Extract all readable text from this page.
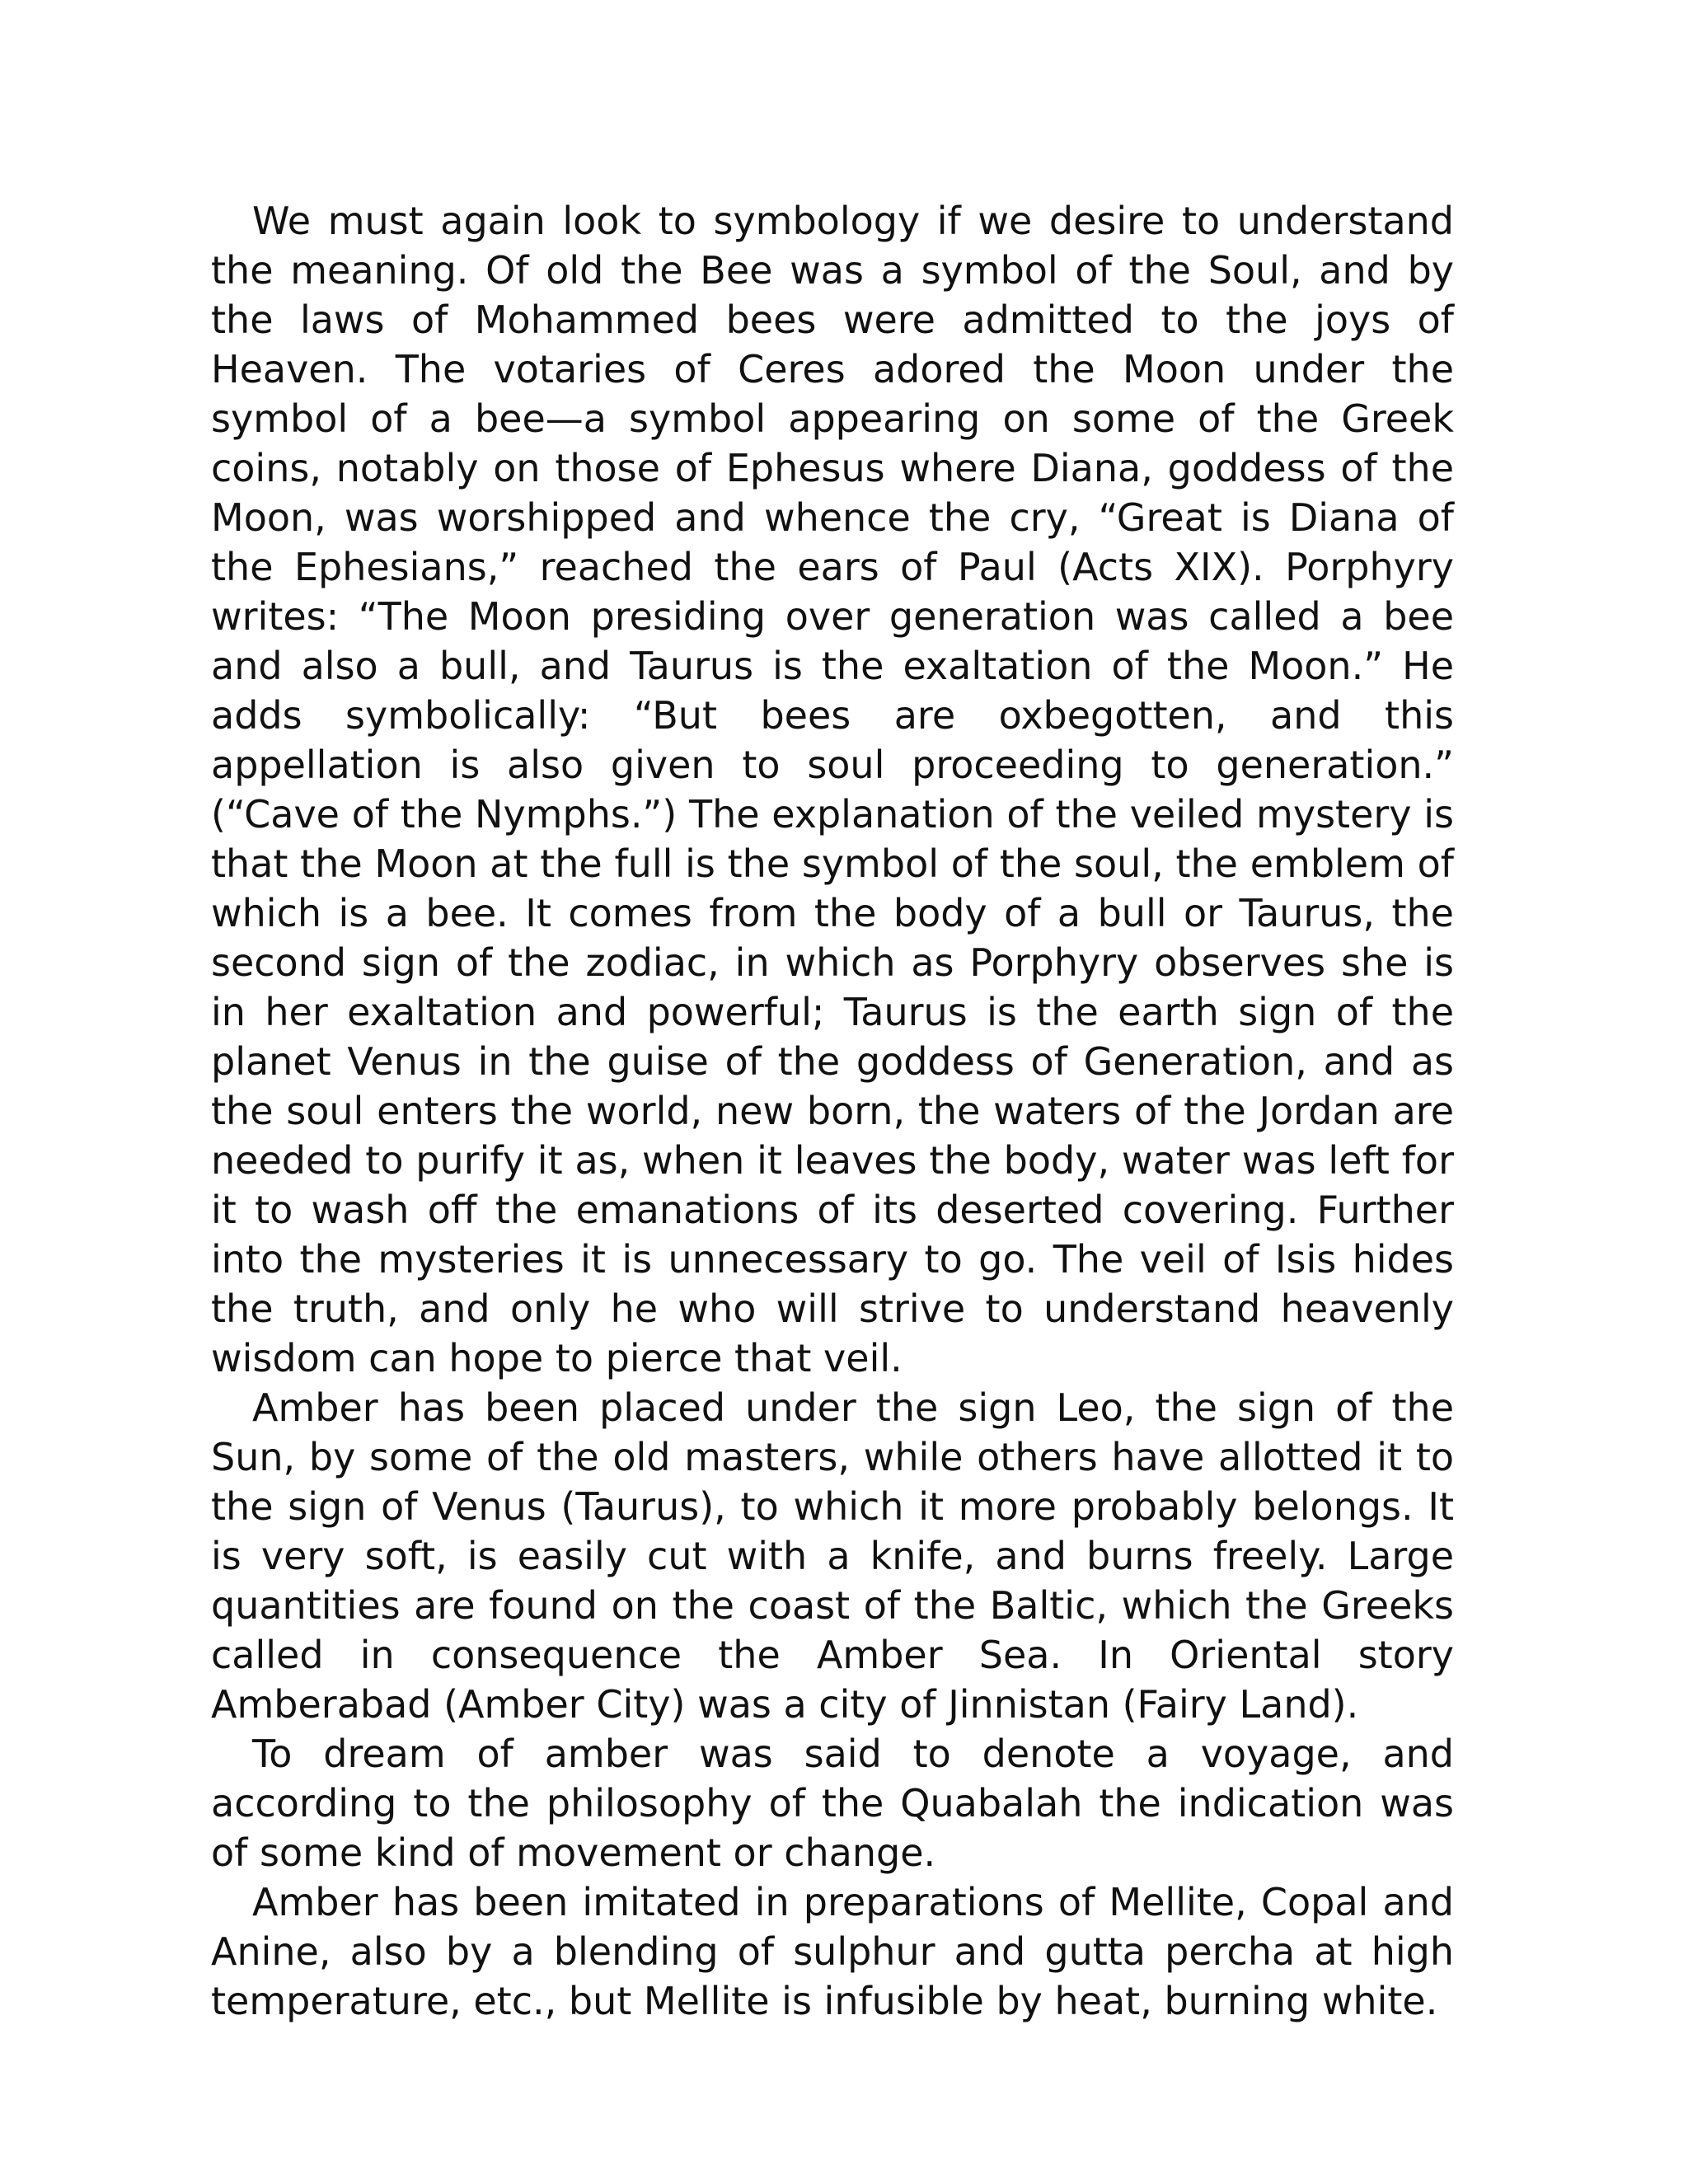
We must again look to symbology if we desire to understand the meaning. Of old the Bee was a symbol of the Soul, and by the laws of Mohammed bees were admitted to the joys of Heaven. The votaries of Ceres adored the Moon under the symbol of a bee—a symbol appearing on some of the Greek coins, notably on those of Ephesus where Diana, goddess of the Moon, was worshipped and whence the cry, “Great is Diana of the Ephesians,” reached the ears of Paul (Acts XIX). Porphyry writes: “The Moon presiding over generation was called a bee and also a bull, and Taurus is the exaltation of the Moon.” He adds symbolically: “But bees are oxbegotten, and this appellation is also given to soul proceeding to generation.” (“Cave of the Nymphs.”) The explanation of the veiled mystery is that the Moon at the full is the symbol of the soul, the emblem of which is a bee. It comes from the body of a bull or Taurus, the second sign of the zodiac, in which as Porphyry observes she is in her exaltation and powerful; Taurus is the earth sign of the planet Venus in the guise of the goddess of Generation, and as the soul enters the world, new born, the waters of the Jordan are needed to purify it as, when it leaves the body, water was left for it to wash off the emanations of its deserted covering. Further into the mysteries it is unnecessary to go. The veil of Isis hides the truth, and only he who will strive to understand heavenly wisdom can hope to pierce that veil.

Amber has been placed under the sign Leo, the sign of the Sun, by some of the old masters, while others have allotted it to the sign of Venus (Taurus), to which it more probably belongs. It is very soft, is easily cut with a knife, and burns freely. Large quantities are found on the coast of the Baltic, which the Greeks called in consequence the Amber Sea. In Oriental story Amberabad (Amber City) was a city of Jinnistan (Fairy Land).

To dream of amber was said to denote a voyage, and according to the philosophy of the Quabalah the indication was of some kind of movement or change.

Amber has been imitated in preparations of Mellite, Copal and Anine, also by a blending of sulphur and gutta percha at high temperature, etc., but Mellite is infusible by heat, burning white.
